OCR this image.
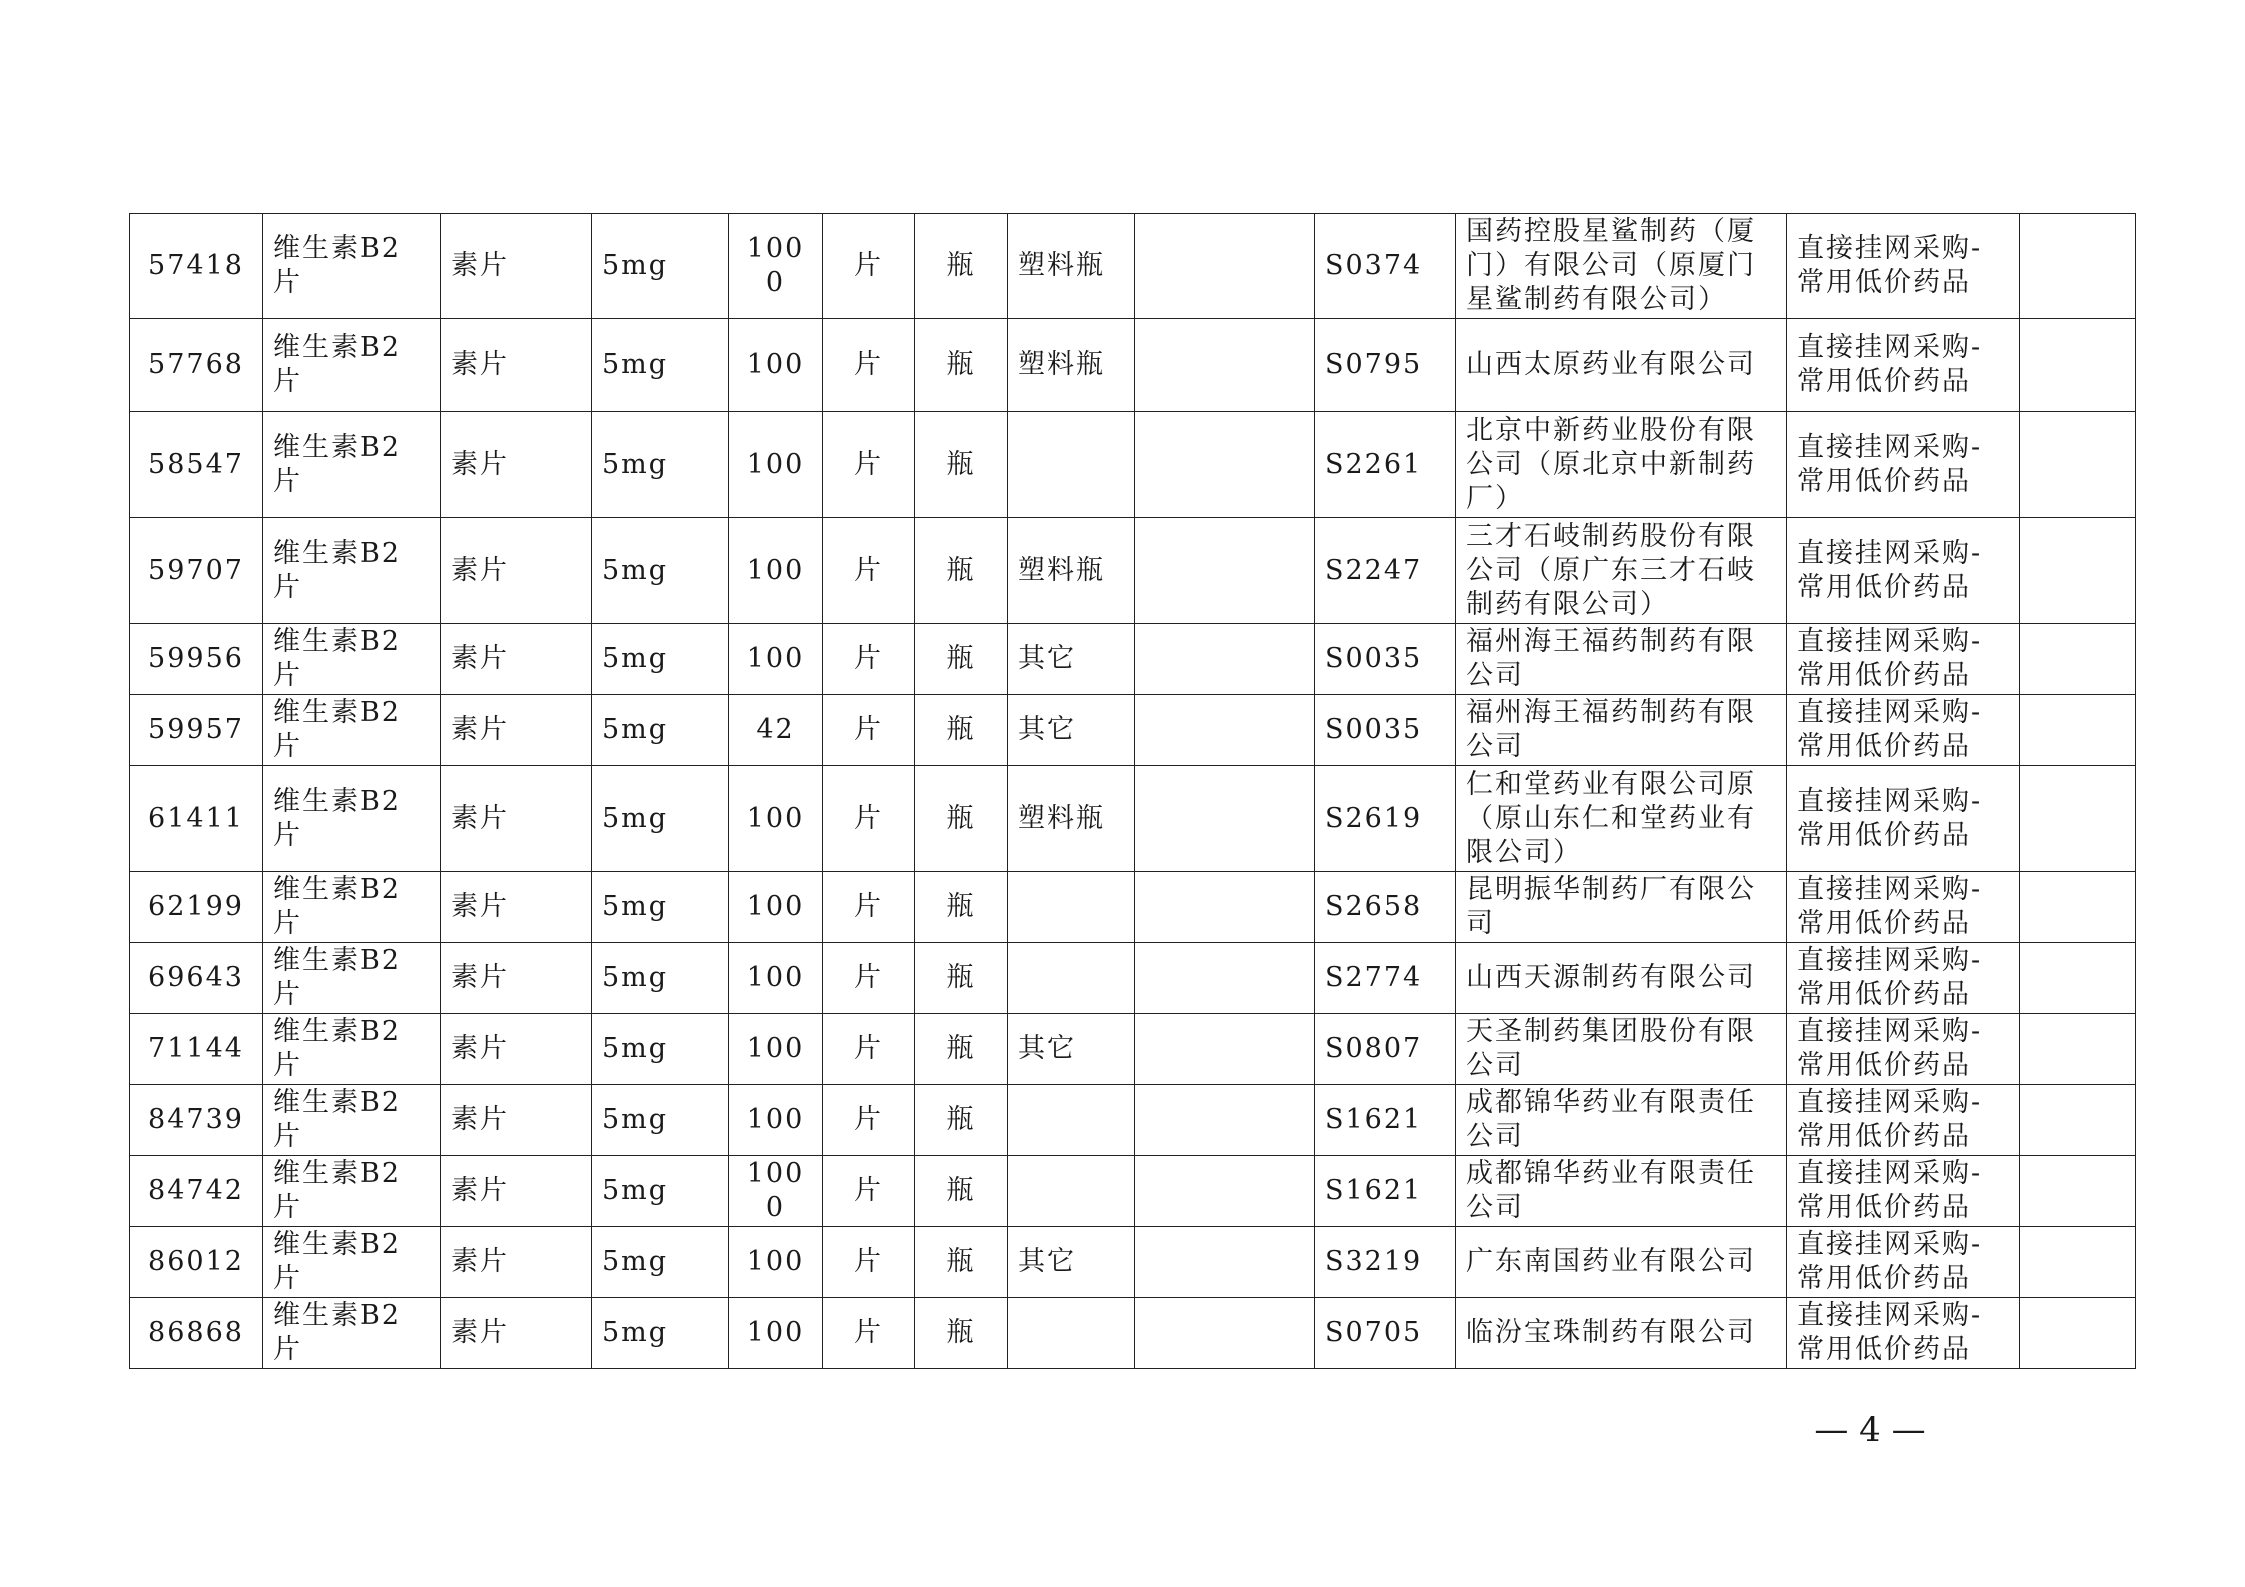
57418	维生素B2片	素片	5mg	1000	片	瓶	塑料瓶		S0374	国药控股星鲨制药（厦门）有限公司（原厦门星鲨制药有限公司）	直接挂网采购-常用低价药品	
57768	维生素B2片	素片	5mg	100	片	瓶	塑料瓶		S0795	山西太原药业有限公司	直接挂网采购-常用低价药品	
58547	维生素B2片	素片	5mg	100	片	瓶			S2261	北京中新药业股份有限公司（原北京中新制药厂）	直接挂网采购-常用低价药品	
59707	维生素B2片	素片	5mg	100	片	瓶	塑料瓶		S2247	三才石岐制药股份有限公司（原广东三才石岐制药有限公司）	直接挂网采购-常用低价药品	
59956	维生素B2片	素片	5mg	100	片	瓶	其它		S0035	福州海王福药制药有限公司	直接挂网采购-常用低价药品	
59957	维生素B2片	素片	5mg	42	片	瓶	其它		S0035	福州海王福药制药有限公司	直接挂网采购-常用低价药品	
61411	维生素B2片	素片	5mg	100	片	瓶	塑料瓶		S2619	仁和堂药业有限公司原（原山东仁和堂药业有限公司）	直接挂网采购-常用低价药品	
62199	维生素B2片	素片	5mg	100	片	瓶			S2658	昆明振华制药厂有限公司	直接挂网采购-常用低价药品	
69643	维生素B2片	素片	5mg	100	片	瓶			S2774	山西天源制药有限公司	直接挂网采购-常用低价药品	
71144	维生素B2片	素片	5mg	100	片	瓶	其它		S0807	天圣制药集团股份有限公司	直接挂网采购-常用低价药品	
84739	维生素B2片	素片	5mg	100	片	瓶			S1621	成都锦华药业有限责任公司	直接挂网采购-常用低价药品	
84742	维生素B2片	素片	5mg	1000	片	瓶			S1621	成都锦华药业有限责任公司	直接挂网采购-常用低价药品	
86012	维生素B2片	素片	5mg	100	片	瓶	其它		S3219	广东南国药业有限公司	直接挂网采购-常用低价药品	
86868	维生素B2片	素片	5mg	100	片	瓶			S0705	临汾宝珠制药有限公司	直接挂网采购-常用低价药品	
— 4 —
